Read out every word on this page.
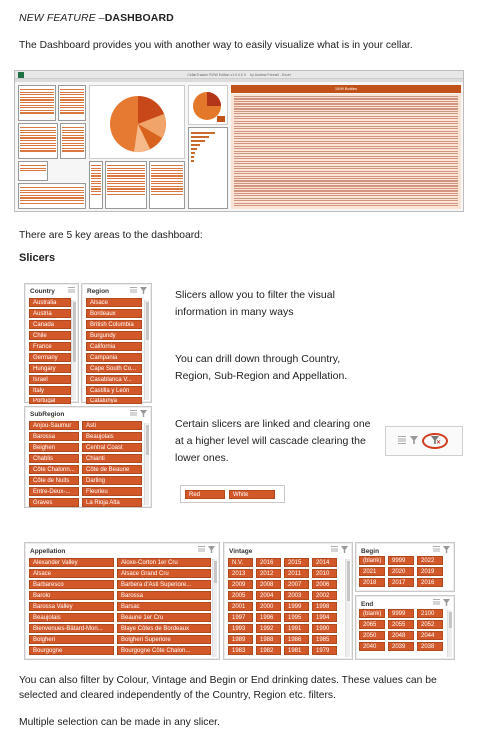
NEW FEATURE –DASHBOARD
The Dashboard provides you with another way to easily visualize what is in your cellar.
CellarTracker ROW Edition v1.0.0.0 X by Andrew Fennell - Excel
1599 Bottles
There are 5 key areas to the dashboard:
Slicers
Country
Australia
Austria
Canada
Chile
France
Germany
Hungary
Israel
Italy
Portugal
Region
Alsace
Bordeaux
British Columbia
Burgundy
California
Campania
Cape South Co...
Casablanca V...
Castilla y León
Catalunya
SubRegion
Anjou-Saumur
Barossa
Beighen
Chablis
Côte Chalonn...
Côte de Nuits
Entre-Deux-...
Graves
Asti
Beaujolais
Central Coast
Chianti
Côte de Beaune
Darling
Fleurieu
La Rioja Alta
Slicers allow you to filter the visual information in many ways
You can drill down through Country, Region, Sub-Region and Appellation.
Certain slicers are linked and clearing one at a higher level will cascade clearing the lower ones.
✕
Red	White
Appellation
Alexander Valley
Alsace
Barbaresco
Barolo
Barossa Valley
Beaujolais
Bienvenues-Bâtard-Mon...
Bolgheri
Bourgogne
Aloxe-Corton 1er Cru
Alsace Grand Cru
Barbera d'Asti Superiore...
Barossa
Barsac
Beaune 1er Cru
Blaye Côtes de Bordeaux
Bolgheri Superiore
Bourgogne Côte Chalon...
Vintage
N.V.	2016	2015	2014
2013	2012	2011	2010
2009	2008	2007	2006
2005	2004	2003	2002
2001	2000	1999	1998
1997	1996	1995	1994
1993	1992	1991	1990
1989	1988	1986	1985
1983	1982	1981	1979
Begin
(blank)	9999	2022
2021	2020	2019
2018	2017	2016
End
(blank)	9999	2100
2065	2055	2052
2050	2048	2044
2040	2039	2038
You can also filter by Colour, Vintage and Begin or End drinking dates. These values can be selected and cleared independently of the Country, Region etc. filters.
Multiple selection can be made in any slicer.
